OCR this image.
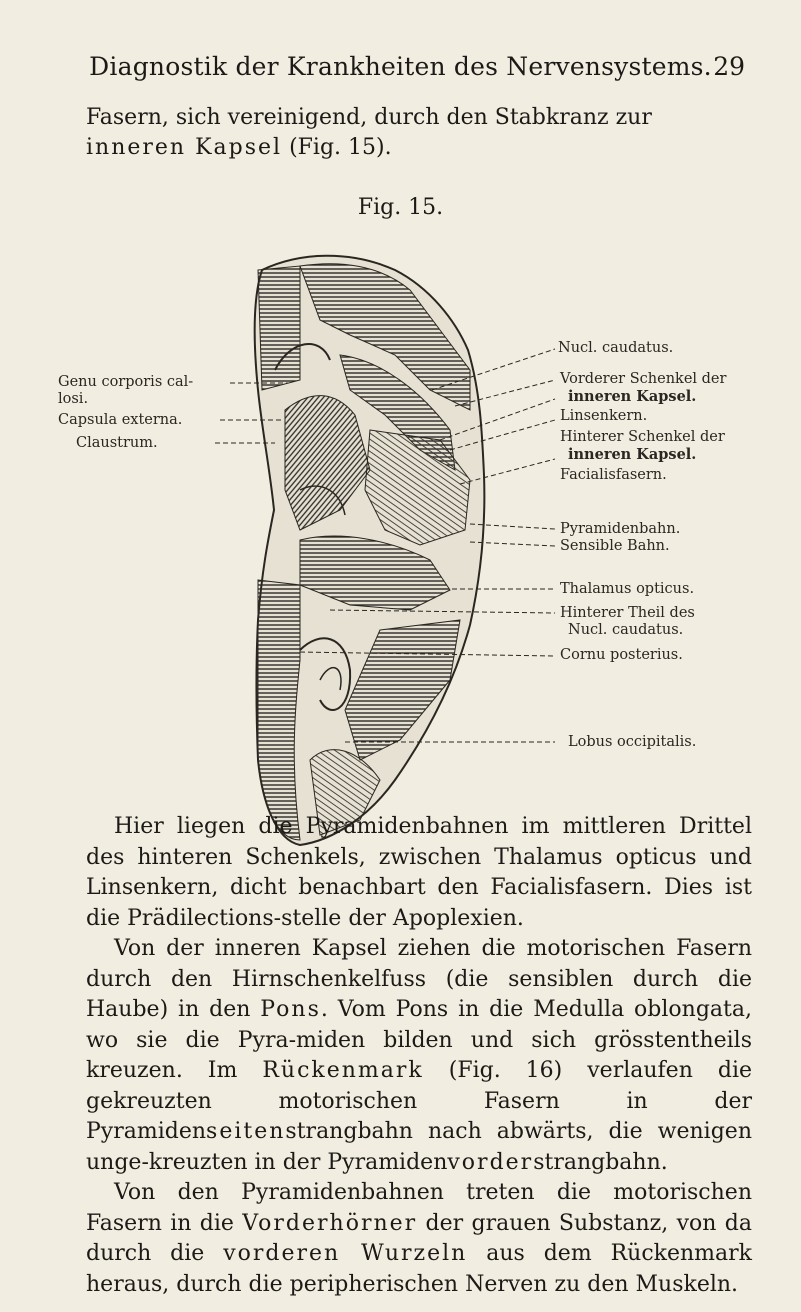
Diagnostik der Krankheiten des Nervensystems. 29
Fasern, sich vereinigend, durch den Stabkranz zur inneren Kapsel (Fig. 15).
Fig. 15.
Genu corporis cal-
losi.
Capsula externa.
Claustrum.
Nucl. caudatus.
Vorderer Schenkel der
inneren Kapsel.
Linsenkern.
Hinterer Schenkel der
inneren Kapsel.
Facialisfasern.
Pyramidenbahn.
Sensible Bahn.
Thalamus opticus.
Hinterer Theil des
Nucl. caudatus.
Cornu posterius.
Lobus occipitalis.

Hier liegen die Pyramidenbahnen im mittleren Drittel des hinteren Schenkels, zwischen Thalamus opticus und Linsenkern, dicht benachbart den Facialisfasern. Dies ist die Prädilections-stelle der Apoplexien.

Von der inneren Kapsel ziehen die motorischen Fasern durch den Hirnschenkelfuss (die sensiblen durch die Haube) in den Pons. Vom Pons in die Medulla oblongata, wo sie die Pyra-miden bilden und sich grösstentheils kreuzen. Im Rückenmark (Fig. 16) verlaufen die gekreuzten motorischen Fasern in der Pyramidenseitenstrangbahn nach abwärts, die wenigen unge-kreuzten in der Pyramidenvorderstrangbahn.

Von den Pyramidenbahnen treten die motorischen Fasern in die Vorderhörner der grauen Substanz, von da durch die vorderen Wurzeln aus dem Rückenmark heraus, durch die peripherischen Nerven zu den Muskeln.
